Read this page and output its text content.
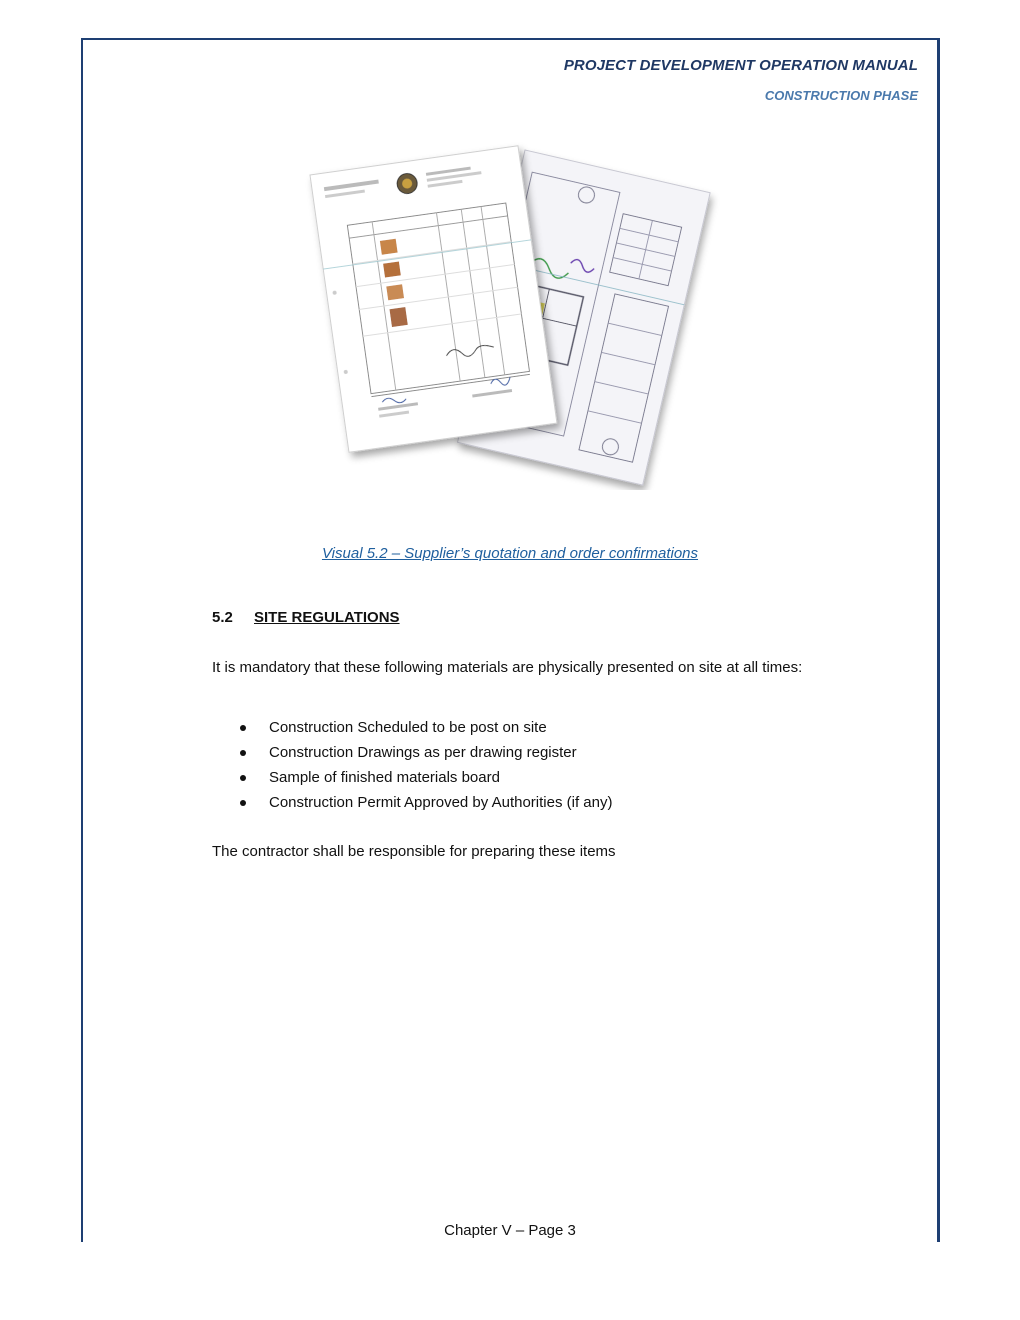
PROJECT DEVELOPMENT OPERATION MANUAL
CONSTRUCTION PHASE
Visual 5.2 – Supplier’s quotation and order confirmations
5.2 SITE REGULATIONS
It is mandatory that these following materials are physically presented on site at all times:
Construction Scheduled to be post on site
Construction Drawings as per drawing register
Sample of finished materials board
Construction Permit Approved by Authorities (if any)
The contractor shall be responsible for preparing these items
Chapter V – Page 3
